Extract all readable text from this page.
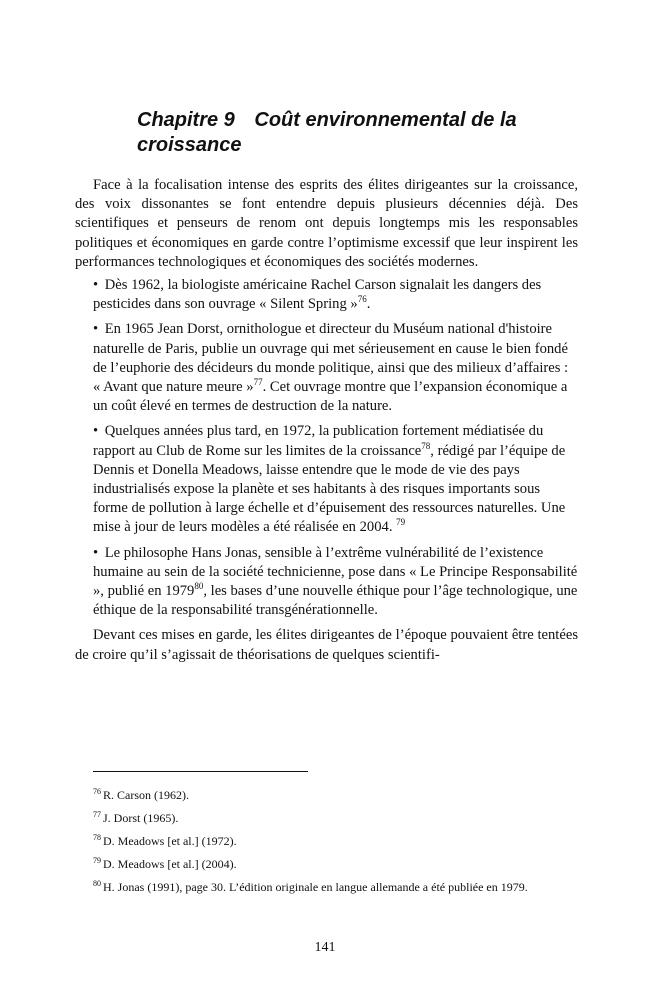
Chapitre 9 Coût environnemental de la croissance

Face à la focalisation intense des esprits des élites dirigeantes sur la croissance, des voix dissonantes se font entendre depuis plusieurs décennies déjà. Des scientifiques et penseurs de renom ont depuis longtemps mis les responsables politiques et économiques en garde contre l’optimisme excessif que leur inspirent les performances technologiques et économiques des sociétés modernes.

• Dès 1962, la biologiste américaine Rachel Carson signalait les dangers des pesticides dans son ouvrage « Silent Spring »$^{76}$.
• En 1965 Jean Dorst, ornithologue et directeur du Muséum national d'histoire naturelle de Paris, publie un ouvrage qui met sérieusement en cause le bien fondé de l’euphorie des décideurs du monde politique, ainsi que des milieux d’affaires : « Avant que nature meure »$^{77}$. Cet ouvrage montre que l’expansion économique a un coût élevé en termes de destruction de la nature.
• Quelques années plus tard, en 1972, la publication fortement médiatisée du rapport au Club de Rome sur les limites de la croissance$^{78}$, rédigé par l’équipe de Dennis et Donella Meadows, laisse entendre que le mode de vie des pays industrialisés expose la planète et ses habitants à des risques importants sous forme de pollution à large échelle et d’épuisement des ressources naturelles. Une mise à jour de leurs modèles a été réalisée en 2004. $^{79}$
• Le philosophe Hans Jonas, sensible à l’extrême vulnérabilité de l’existence humaine au sein de la société technicienne, pose dans « Le Principe Responsabilité », publié en 1979$^{80}$, les bases d’une nouvelle éthique pour l’âge technologique, une éthique de la responsabilité transgénérationnelle.

Devant ces mises en garde, les élites dirigeantes de l’époque pouvaient être tentées de croire qu’il s’agissait de théorisations de quelques scientifi-

$^{76}$ R. Carson (1962).

$^{77}$ J. Dorst (1965).

$^{78}$ D. Meadows [et al.] (1972).

$^{79}$ D. Meadows [et al.] (2004).

$^{80}$ H. Jonas (1991), page 30. L’édition originale en langue allemande a été publiée en 1979.

141
